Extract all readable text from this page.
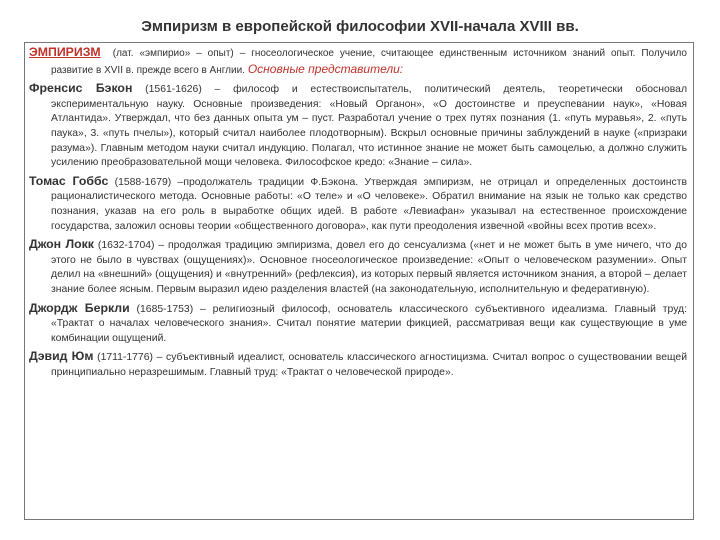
Эмпиризм в европейской философии XVII-начала XVIII вв.

ЭМПИРИЗМ (лат. «эмпирио» – опыт) – гносеологическое учение, считающее единственным источником знаний опыт. Получило развитие в XVII в. прежде всего в Англии. Основные представители:

Френсис Бэкон (1561-1626) – философ и естествоиспытатель, политический деятель, теоретически обосновал экспериментальную науку. Основные произведения: «Новый Органон», «О достоинстве и преуспевании наук», «Новая Атлантида». Утверждал, что без данных опыта ум – пуст. Разработал учение о трех путях познания (1. «путь муравья», 2. «путь паука», 3. «путь пчелы»), который считал наиболее плодотворным). Вскрыл основные причины заблуждений в науке («призраки разума»). Главным методом науки считал индукцию. Полагал, что истинное знание не может быть самоцелью, а должно служить усилению преобразовательной мощи человека. Философское кредо: «Знание – сила».

Томас Гоббс (1588-1679) –продолжатель традиции Ф.Бэкона. Утверждая эмпиризм, не отрицал и определенных достоинств рационалистического метода. Основные работы: «О теле» и «О человеке». Обратил внимание на язык не только как средство познания, указав на его роль в выработке общих идей. В работе «Левиафан» указывал на естественное происхождение государства, заложил основы теории «общественного договора», как пути преодоления извечной «войны всех против всех».

Джон Локк (1632-1704) – продолжая традицию эмпиризма, довел его до сенсуализма («нет и не может быть в уме ничего, что до этого не было в чувствах (ощущениях)». Основное гносеологическое произведение: «Опыт о человеческом разумении». Опыт делил на «внешний» (ощущения) и «внутренний» (рефлексия), из которых первый является источником знания, а второй – делает знание более ясным. Первым выразил идею разделения властей (на законодательную, исполнительную и федеративную).

Джордж Беркли (1685-1753) – религиозный философ, основатель классического субъективного идеализма. Главный труд: «Трактат о началах человеческого знания». Считал понятие материи фикцией, рассматривая вещи как существующие в уме комбинации ощущений.

Дэвид Юм (1711-1776) – субъективный идеалист, основатель классического агностицизма. Считал вопрос о существовании вещей принципиально неразрешимым. Главный труд: «Трактат о человеческой природе».
